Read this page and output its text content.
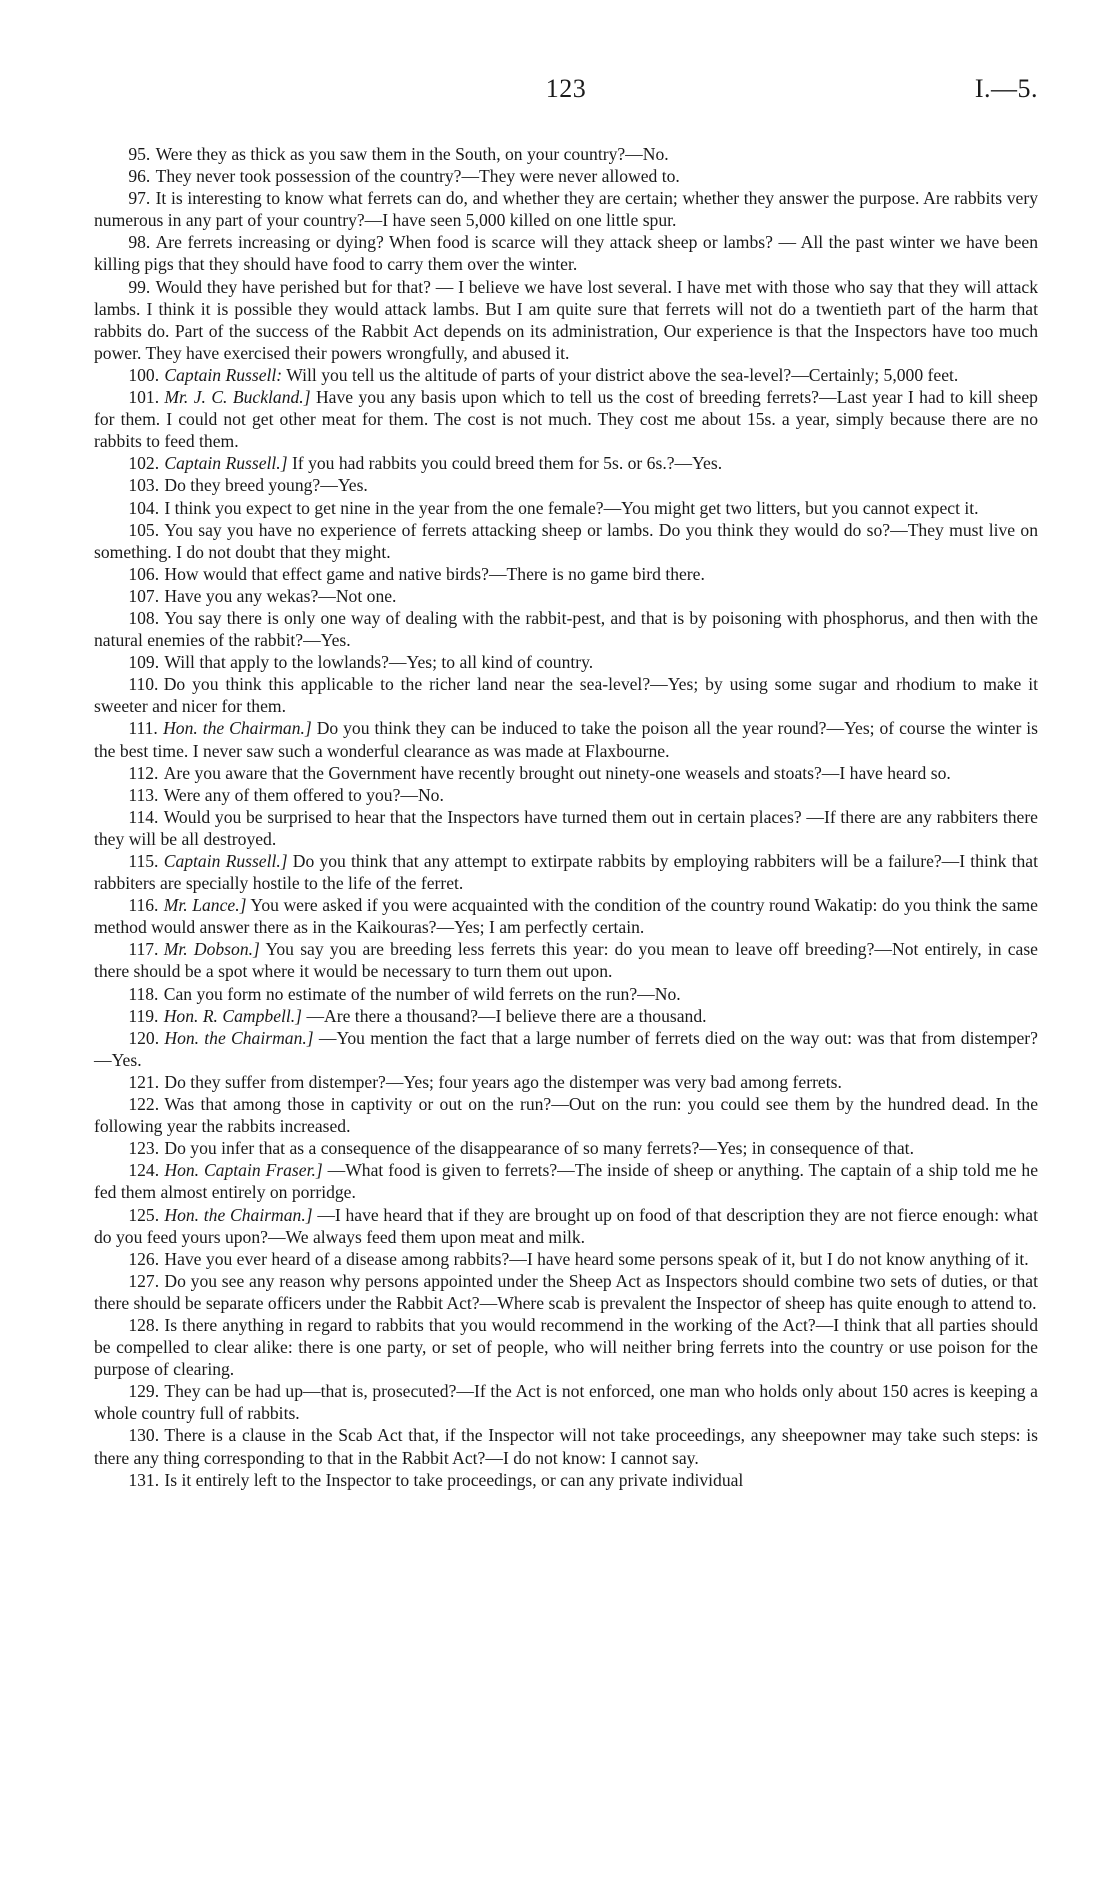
123	I.—5.

95. Were they as thick as you saw them in the South, on your country?—No.

96. They never took possession of the country?—They were never allowed to.

97. It is interesting to know what ferrets can do, and whether they are certain; whether they answer the purpose. Are rabbits very numerous in any part of your country?—I have seen 5,000 killed on one little spur.

98. Are ferrets increasing or dying? When food is scarce will they attack sheep or lambs? — All the past winter we have been killing pigs that they should have food to carry them over the winter.

99. Would they have perished but for that? — I believe we have lost several. I have met with those who say that they will attack lambs. I think it is possible they would attack lambs. But I am quite sure that ferrets will not do a twentieth part of the harm that rabbits do. Part of the success of the Rabbit Act depends on its administration, Our experience is that the Inspectors have too much power. They have exercised their powers wrongfully, and abused it.

100. Captain Russell: Will you tell us the altitude of parts of your district above the sea-level?—Certainly; 5,000 feet.

101. Mr. J. C. Buckland.] Have you any basis upon which to tell us the cost of breeding ferrets?—Last year I had to kill sheep for them. I could not get other meat for them. The cost is not much. They cost me about 15s. a year, simply because there are no rabbits to feed them.

102. Captain Russell.] If you had rabbits you could breed them for 5s. or 6s.?—Yes.

103. Do they breed young?—Yes.

104. I think you expect to get nine in the year from the one female?—You might get two litters, but you cannot expect it.

105. You say you have no experience of ferrets attacking sheep or lambs. Do you think they would do so?—They must live on something. I do not doubt that they might.

106. How would that effect game and native birds?—There is no game bird there.

107. Have you any wekas?—Not one.

108. You say there is only one way of dealing with the rabbit-pest, and that is by poisoning with phosphorus, and then with the natural enemies of the rabbit?—Yes.

109. Will that apply to the lowlands?—Yes; to all kind of country.

110. Do you think this applicable to the richer land near the sea-level?—Yes; by using some sugar and rhodium to make it sweeter and nicer for them.

111. Hon. the Chairman.] Do you think they can be induced to take the poison all the year round?—Yes; of course the winter is the best time. I never saw such a wonderful clearance as was made at Flaxbourne.

112. Are you aware that the Government have recently brought out ninety-one weasels and stoats?—I have heard so.

113. Were any of them offered to you?—No.

114. Would you be surprised to hear that the Inspectors have turned them out in certain places? —If there are any rabbiters there they will be all destroyed.

115. Captain Russell.] Do you think that any attempt to extirpate rabbits by employing rabbiters will be a failure?—I think that rabbiters are specially hostile to the life of the ferret.

116. Mr. Lance.] You were asked if you were acquainted with the condition of the country round Wakatip: do you think the same method would answer there as in the Kaikouras?—Yes; I am perfectly certain.

117. Mr. Dobson.] You say you are breeding less ferrets this year: do you mean to leave off breeding?—Not entirely, in case there should be a spot where it would be necessary to turn them out upon.

118. Can you form no estimate of the number of wild ferrets on the run?—No.

119. Hon. R. Campbell.] —Are there a thousand?—I believe there are a thousand.

120. Hon. the Chairman.] —You mention the fact that a large number of ferrets died on the way out: was that from distemper?—Yes.

121. Do they suffer from distemper?—Yes; four years ago the distemper was very bad among ferrets.

122. Was that among those in captivity or out on the run?—Out on the run: you could see them by the hundred dead. In the following year the rabbits increased.

123. Do you infer that as a consequence of the disappearance of so many ferrets?—Yes; in consequence of that.

124. Hon. Captain Fraser.] —What food is given to ferrets?—The inside of sheep or anything. The captain of a ship told me he fed them almost entirely on porridge.

125. Hon. the Chairman.] —I have heard that if they are brought up on food of that description they are not fierce enough: what do you feed yours upon?—We always feed them upon meat and milk.

126. Have you ever heard of a disease among rabbits?—I have heard some persons speak of it, but I do not know anything of it.

127. Do you see any reason why persons appointed under the Sheep Act as Inspectors should combine two sets of duties, or that there should be separate officers under the Rabbit Act?—Where scab is prevalent the Inspector of sheep has quite enough to attend to.

128. Is there anything in regard to rabbits that you would recommend in the working of the Act?—I think that all parties should be compelled to clear alike: there is one party, or set of people, who will neither bring ferrets into the country or use poison for the purpose of clearing.

129. They can be had up—that is, prosecuted?—If the Act is not enforced, one man who holds only about 150 acres is keeping a whole country full of rabbits.

130. There is a clause in the Scab Act that, if the Inspector will not take proceedings, any sheepowner may take such steps: is there any thing corresponding to that in the Rabbit Act?—I do not know: I cannot say.

131. Is it entirely left to the Inspector to take proceedings, or can any private individual
